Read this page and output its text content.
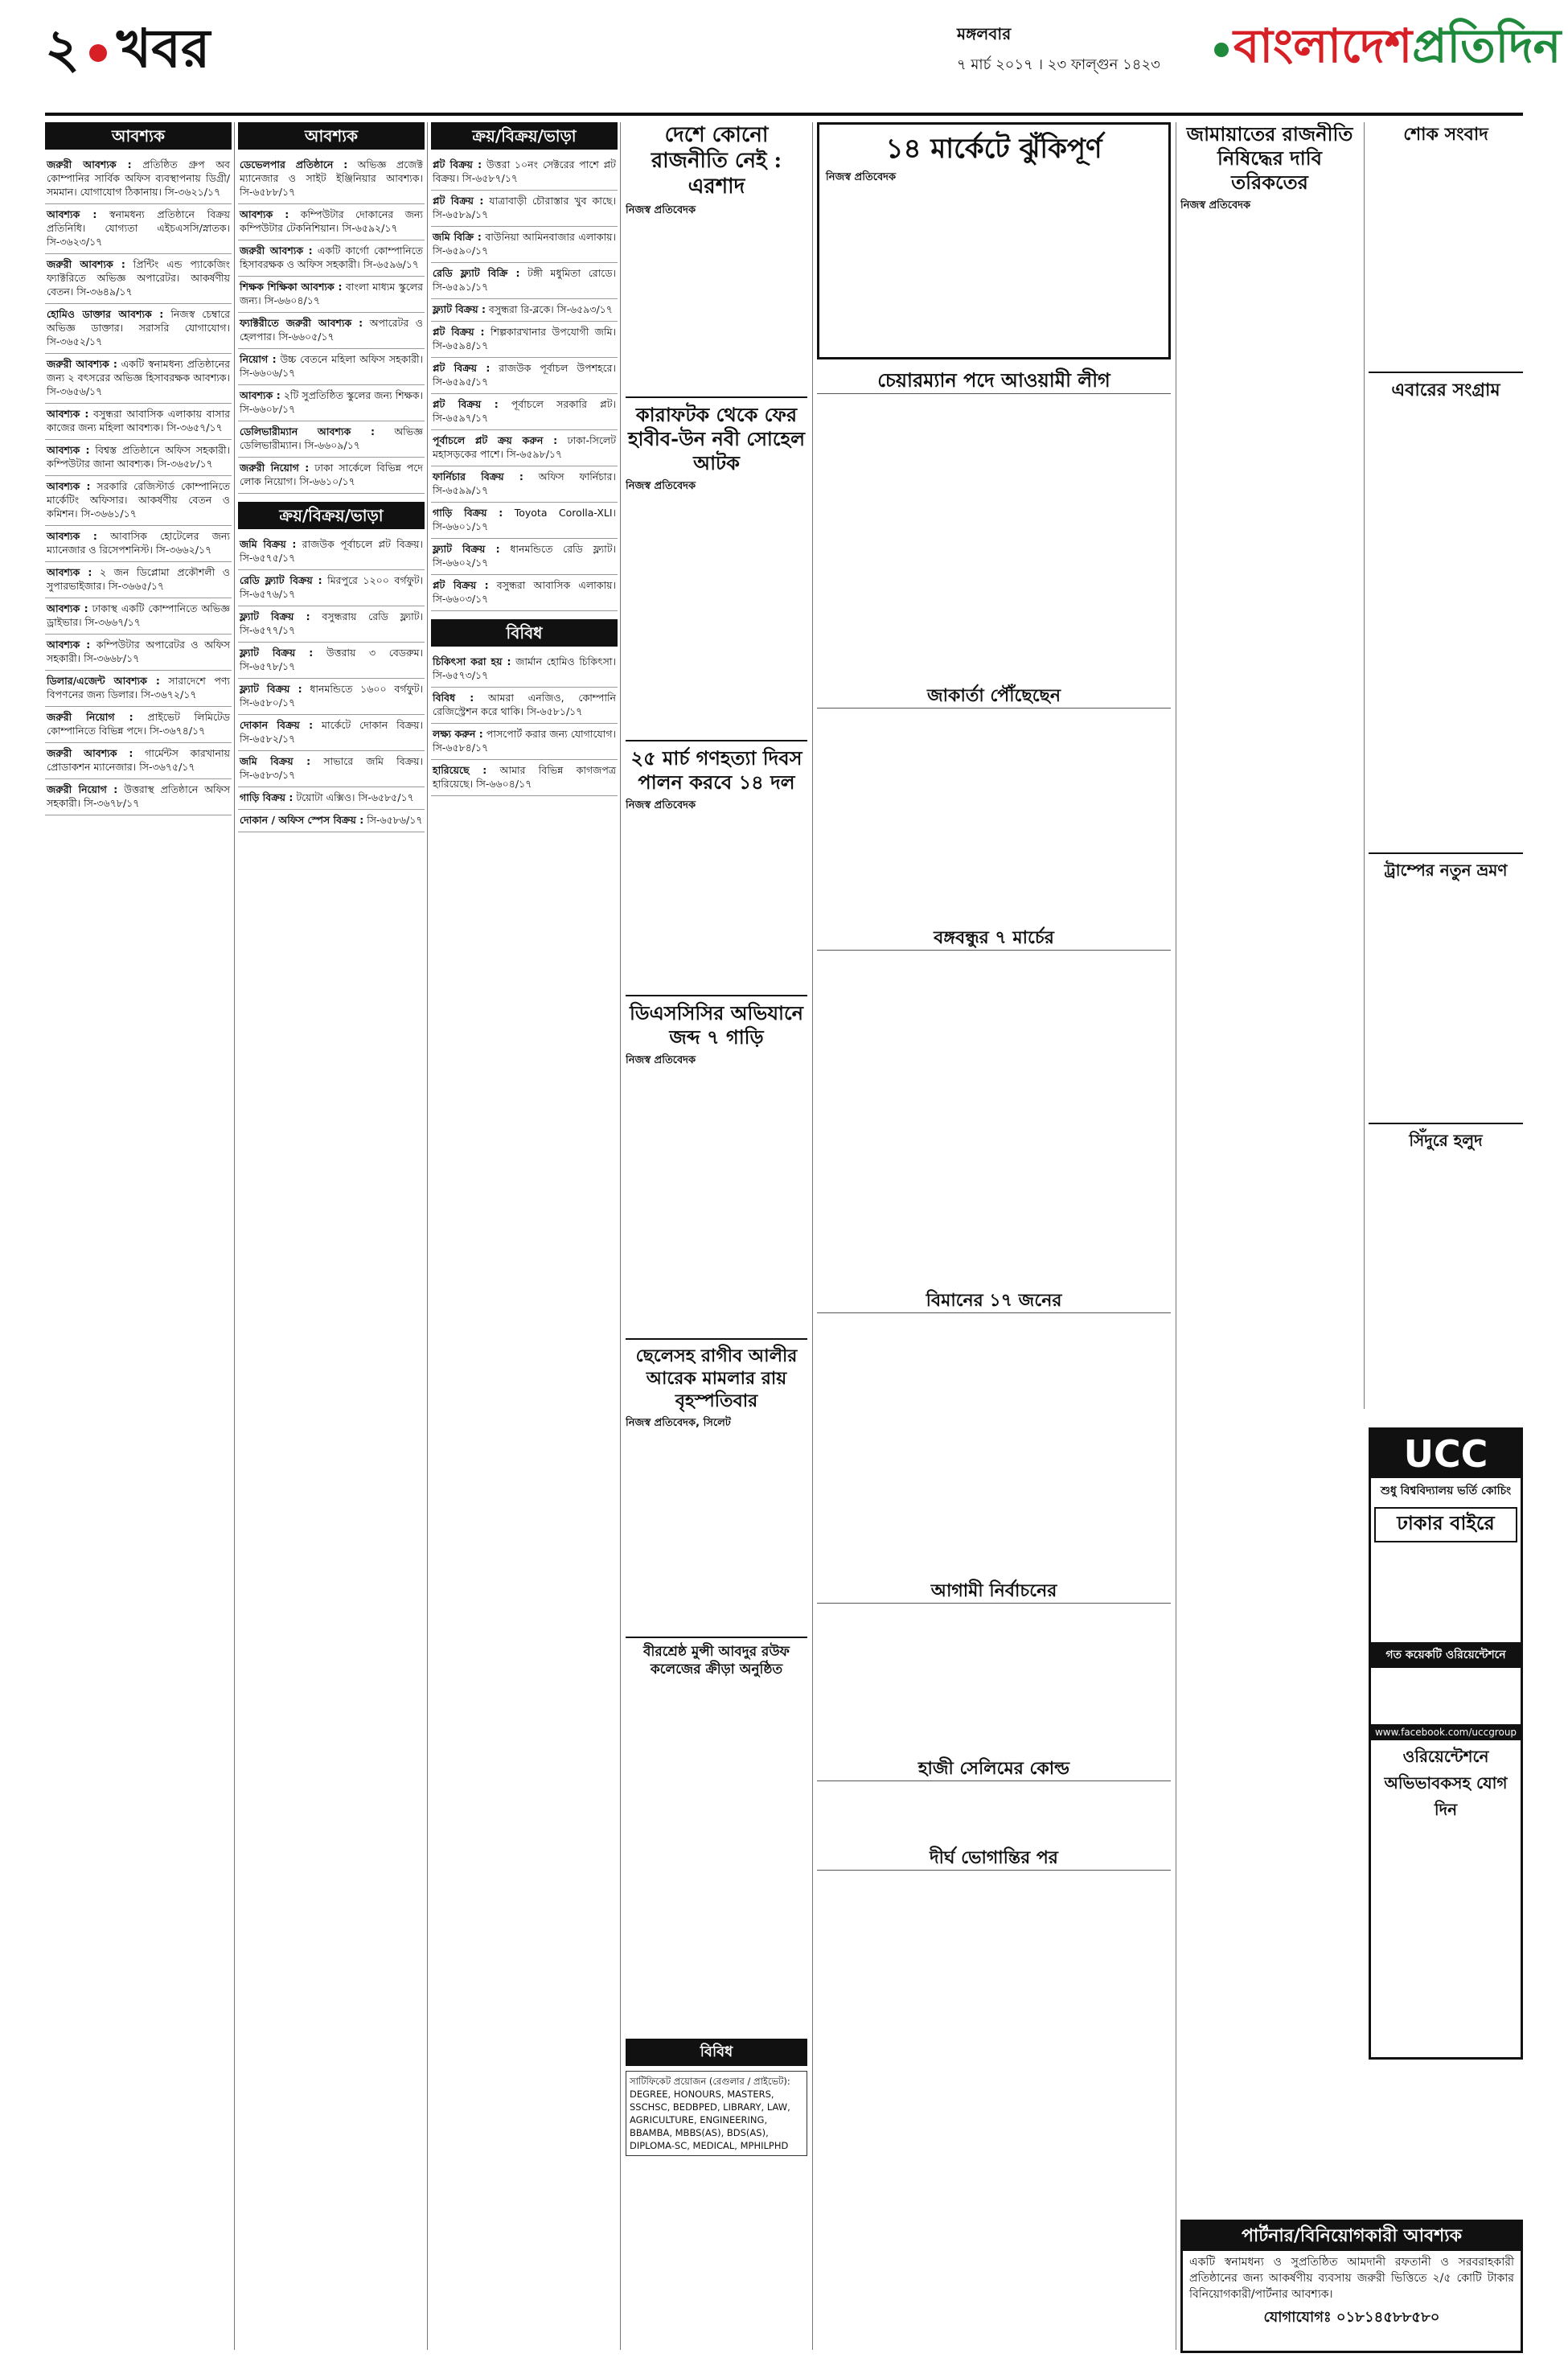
২ খবর	মঙ্গলবার
৭ মার্চ ২০১৭ । ২৩ ফাল্গুন ১৪২৩	বাংলাদেশপ্রতিদিন
আবশ্যক
জরুরী আবশ্যক : প্রতিষ্ঠিত গ্রুপ অব কোম্পানির সার্বিক অফিস ব্যবস্থাপনায় ডিগ্রী/সমমান। যোগাযোগ ঠিকানায়। সি-৩৬২১/১৭
আবশ্যক : স্বনামধন্য প্রতিষ্ঠানে বিক্রয় প্রতিনিধি। যোগ্যতা এইচএসসি/স্নাতক। সি-৩৬২৩/১৭
জরুরী আবশ্যক : প্রিন্টিং এন্ড প্যাকেজিং ফ্যাক্টরিতে অভিজ্ঞ অপারেটর। আকর্ষণীয় বেতন। সি-৩৬৪৯/১৭
হোমিও ডাক্তার আবশ্যক : নিজস্ব চেম্বারে অভিজ্ঞ ডাক্তার। সরাসরি যোগাযোগ। সি-৩৬৫২/১৭
জরুরী আবশ্যক : একটি স্বনামধন্য প্রতিষ্ঠানের জন্য ২ বৎসরের অভিজ্ঞ হিসাবরক্ষক আবশ্যক। সি-৩৬৫৬/১৭
আবশ্যক : বসুন্ধরা আবাসিক এলাকায় বাসার কাজের জন্য মহিলা আবশ্যক। সি-৩৬৫৭/১৭
আবশ্যক : বিশ্বস্ত প্রতিষ্ঠানে অফিস সহকারী। কম্পিউটার জানা আবশ্যক। সি-৩৬৫৮/১৭
আবশ্যক : সরকারি রেজিস্টার্ড কোম্পানিতে মার্কেটিং অফিসার। আকর্ষণীয় বেতন ও কমিশন। সি-৩৬৬১/১৭
আবশ্যক : আবাসিক হোটেলের জন্য ম্যানেজার ও রিসেপশনিস্ট। সি-৩৬৬২/১৭
আবশ্যক : ২ জন ডিপ্লোমা প্রকৌশলী ও সুপারভাইজার। সি-৩৬৬৫/১৭
আবশ্যক : ঢাকাস্থ একটি কোম্পানিতে অভিজ্ঞ ড্রাইভার। সি-৩৬৬৭/১৭
আবশ্যক : কম্পিউটার অপারেটর ও অফিস সহকারী। সি-৩৬৬৮/১৭
ডিলার/এজেন্ট আবশ্যক : সারাদেশে পণ্য বিপণনের জন্য ডিলার। সি-৩৬৭২/১৭
জরুরী নিয়োগ : প্রাইভেট লিমিটেড কোম্পানিতে বিভিন্ন পদে। সি-৩৬৭৪/১৭
জরুরী আবশ্যক : গার্মেন্টস কারখানায় প্রোডাকশন ম্যানেজার। সি-৩৬৭৫/১৭
জরুরী নিয়োগ : উত্তরাস্থ প্রতিষ্ঠানে অফিস সহকারী। সি-৩৬৭৮/১৭
আবশ্যক
ডেভেলপার প্রতিষ্ঠানে : অভিজ্ঞ প্রজেক্ট ম্যানেজার ও সাইট ইঞ্জিনিয়ার আবশ্যক। সি-৬৫৮৮/১৭
আবশ্যক : কম্পিউটার দোকানের জন্য কম্পিউটার টেকনিশিয়ান। সি-৬৫৯২/১৭
জরুরী আবশ্যক : একটি কার্গো কোম্পানিতে হিসাবরক্ষক ও অফিস সহকারী। সি-৬৫৯৬/১৭
শিক্ষক শিক্ষিকা আবশ্যক : বাংলা মাধ্যম স্কুলের জন্য। সি-৬৬০৪/১৭
ফ্যাক্টরীতে জরুরী আবশ্যক : অপারেটর ও হেলপার। সি-৬৬০৫/১৭
নিয়োগ : উচ্চ বেতনে মহিলা অফিস সহকারী। সি-৬৬০৬/১৭
আবশ্যক : ২টি সুপ্রতিষ্ঠিত স্কুলের জন্য শিক্ষক। সি-৬৬০৮/১৭
ডেলিভারীম্যান আবশ্যক : অভিজ্ঞ ডেলিভারীম্যান। সি-৬৬০৯/১৭
জরুরী নিয়োগ : ঢাকা সার্কেলে বিভিন্ন পদে লোক নিয়োগ। সি-৬৬১০/১৭
ক্রয়/বিক্রয়/ভাড়া
জমি বিক্রয় : রাজউক পূর্বাচলে প্লট বিক্রয়। সি-৬৫৭৫/১৭
রেডি ফ্ল্যাট বিক্রয় : মিরপুরে ১২০০ বর্গফুট। সি-৬৫৭৬/১৭
ফ্ল্যাট বিক্রয় : বসুন্ধরায় রেডি ফ্ল্যাট। সি-৬৫৭৭/১৭
ফ্ল্যাট বিক্রয় : উত্তরায় ৩ বেডরুম। সি-৬৫৭৮/১৭
ফ্ল্যাট বিক্রয় : ধানমন্ডিতে ১৬০০ বর্গফুট। সি-৬৫৮০/১৭
দোকান বিক্রয় : মার্কেটে দোকান বিক্রয়। সি-৬৫৮২/১৭
জমি বিক্রয় : সাভারে জমি বিক্রয়। সি-৬৫৮৩/১৭
গাড়ি বিক্রয় : টয়োটা এক্সিও। সি-৬৫৮৫/১৭
দোকান / অফিস স্পেস বিক্রয় : সি-৬৫৮৬/১৭
ক্রয়/বিক্রয়/ভাড়া
প্লট বিক্রয় : উত্তরা ১০নং সেক্টরের পাশে প্লট বিক্রয়। সি-৬৫৮৭/১৭
প্লট বিক্রয় : যাত্রাবাড়ী চৌরাস্তার খুব কাছে। সি-৬৫৮৯/১৭
জমি বিক্রি : বাউনিয়া আমিনবাজার এলাকায়। সি-৬৫৯০/১৭
রেডি ফ্ল্যাট বিক্রি : টঙ্গী মধুমিতা রোডে। সি-৬৫৯১/১৭
ফ্ল্যাট বিক্রয় : বসুন্ধরা রি-ব্লকে। সি-৬৫৯৩/১৭
প্লট বিক্রয় : শিল্পকারখানার উপযোগী জমি। সি-৬৫৯৪/১৭
প্লট বিক্রয় : রাজউক পূর্বাচল উপশহরে। সি-৬৫৯৫/১৭
প্লট বিক্রয় : পূর্বাচলে সরকারি প্লট। সি-৬৫৯৭/১৭
পূর্বাচলে প্লট ক্রয় করুন : ঢাকা-সিলেট মহাসড়কের পাশে। সি-৬৫৯৮/১৭
ফার্নিচার বিক্রয় : অফিস ফার্নিচার। সি-৬৫৯৯/১৭
গাড়ি বিক্রয় : Toyota Corolla-XLI। সি-৬৬০১/১৭
ফ্ল্যাট বিক্রয় : ধানমন্ডিতে রেডি ফ্ল্যাট। সি-৬৬০২/১৭
প্লট বিক্রয় : বসুন্ধরা আবাসিক এলাকায়। সি-৬৬০৩/১৭
বিবিধ
চিকিৎসা করা হয় : জার্মান হোমিও চিকিৎসা। সি-৬৫৭৩/১৭
বিবিধ : আমরা এনজিও, কোম্পানি রেজিস্ট্রেশন করে থাকি। সি-৬৫৮১/১৭
লক্ষ্য করুন : পাসপোর্ট করার জন্য যোগাযোগ। সি-৬৫৮৪/১৭
হারিয়েছে : আমার বিভিন্ন কাগজপত্র হারিয়েছে। সি-৬৬০৪/১৭
দেশে কোনো রাজনীতি নেই : এরশাদ
নিজস্ব প্রতিবেদক

কারাফটক থেকে ফের হাবীব-উন নবী সোহেল আটক
নিজস্ব প্রতিবেদক

২৫ মার্চ গণহত্যা দিবস পালন করবে ১৪ দল
নিজস্ব প্রতিবেদক

ডিএসসিসির অভিযানে জব্দ ৭ গাড়ি
নিজস্ব প্রতিবেদক

ছেলেসহ রাগীব আলীর আরেক মামলার রায় বৃহস্পতিবার
নিজস্ব প্রতিবেদক, সিলেট

বীরশ্রেষ্ঠ মুন্সী আবদুর রউফ কলেজের ক্রীড়া অনুষ্ঠিত

১৪ মার্কেটে ঝুঁকিপূর্ণ
নিজস্ব প্রতিবেদক

চেয়ারম্যান পদে আওয়ামী লীগ

জাকার্তা পৌঁছেছেন

বঙ্গবন্ধুর ৭ মার্চের

বিমানের ১৭ জনের

আগামী নির্বাচনের

হাজী সেলিমের কোল্ড

দীর্ঘ ভোগান্তির পর

বিবিধ
সাটিফিকেট প্রয়োজন (রেগুলার / প্রাইভেট): DEGREE, HONOURS, MASTERS, SSCHSC, BEDBPED, LIBRARY, LAW, AGRICULTURE, ENGINEERING, BBAMBA, MBBS(AS), BDS(AS), DIPLOMA-SC, MEDICAL, MPHILPHD
জামায়াতের রাজনীতি নিষিদ্ধের দাবি তরিকতের
নিজস্ব প্রতিবেদক

শোক সংবাদ

এবারের সংগ্রাম

ট্রাম্পের নতুন ভ্রমণ

সিঁদুরে হলুদ

UCC
শুধু বিশ্ববিদ্যালয় ভর্তি কোচিং
ঢাকার বাইরে
গত কয়েকটি ওরিয়েন্টেশনে
www.facebook.com/uccgroup
ওরিয়েন্টেশনে অভিভাবকসহ যোগ দিন
পার্টনার/বিনিয়োগকারী আবশ্যক
একটি স্বনামধন্য ও সুপ্রতিষ্ঠিত আমদানী রফতানী ও সরবরাহকারী প্রতিষ্ঠানের জন্য আকর্ষণীয় ব্যবসায় জরুরী ভিত্তিতে ২/৫ কোটি টাকার বিনিয়োগকারী/পার্টনার আবশ্যক।
যোগাযোগঃ ০১৮১৪৫৮৮৫৮০
